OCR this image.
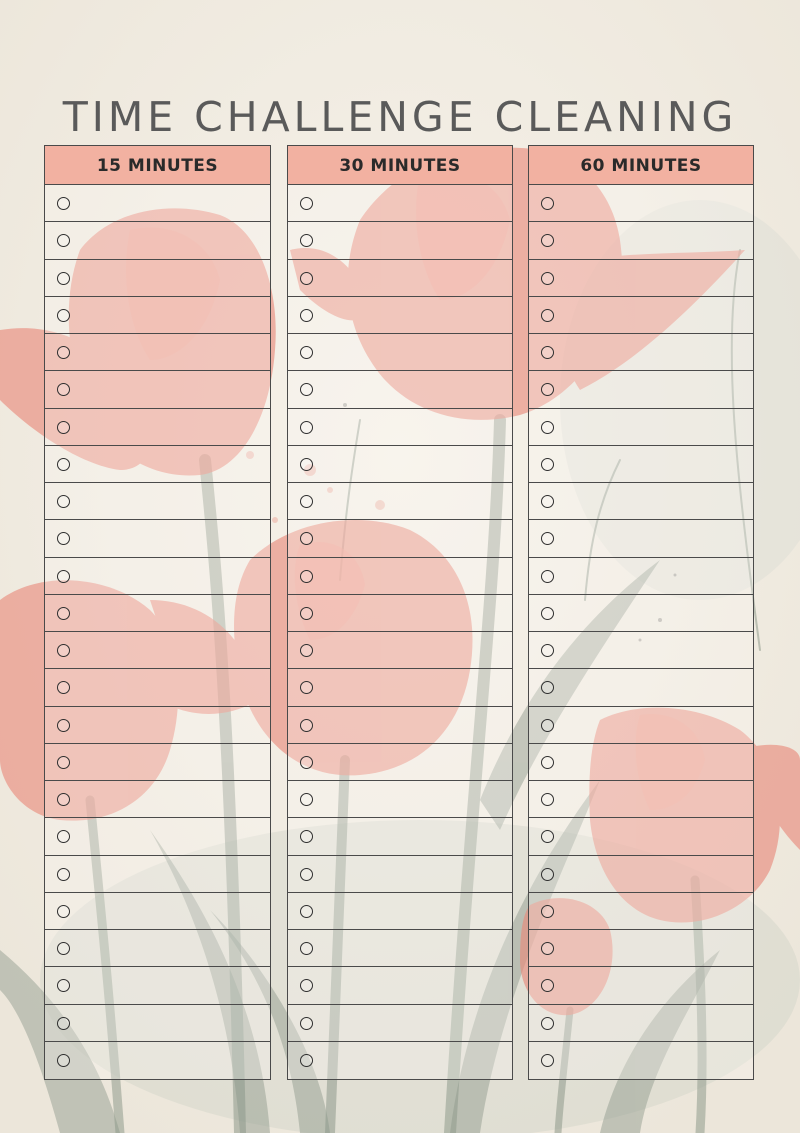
TIME CHALLENGE CLEANING
15 MINUTES	30 MINUTES	60 MINUTES
